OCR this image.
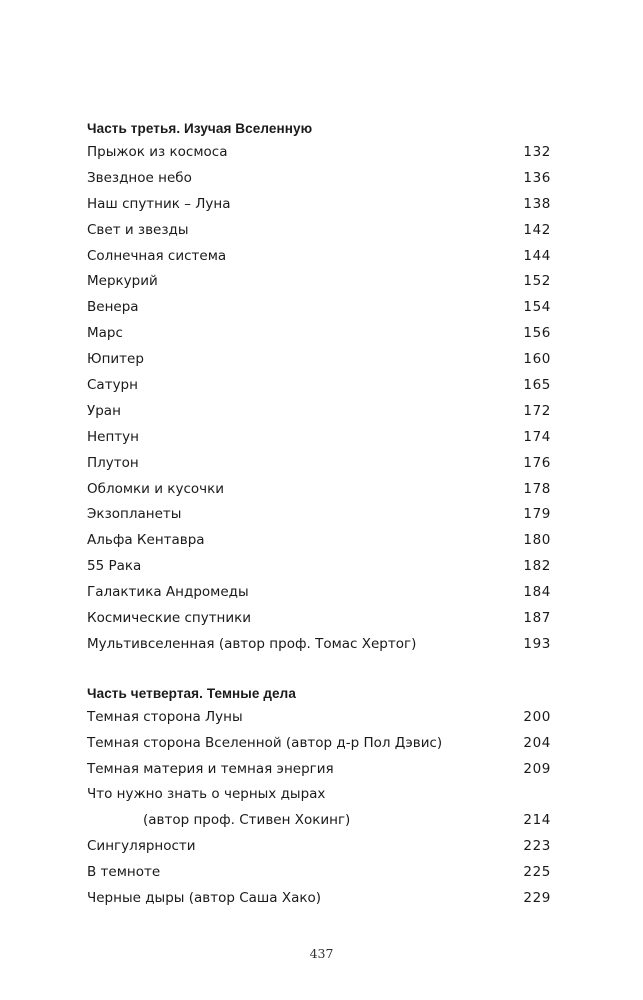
Часть третья. Изучая Вселенную
Прыжок из космоса	132
Звездное небо	136
Наш спутник – Луна	138
Свет и звезды	142
Солнечная система	144
Меркурий	152
Венера	154
Марс	156
Юпитер	160
Сатурн	165
Уран	172
Нептун	174
Плутон	176
Обломки и кусочки	178
Экзопланеты	179
Альфа Кентавра	180
55 Рака	182
Галактика Андромеды	184
Космические спутники	187
Мультивселенная (автор проф. Томас Хертог)	193
Часть четвертая. Темные дела
Темная сторона Луны	200
Темная сторона Вселенной (автор д-р Пол Дэвис)	204
Темная материя и темная энергия	209
Что нужно знать о черных дырах
(автор проф. Стивен Хокинг)	214
Сингулярности	223
В темноте	225
Черные дыры (автор Саша Хако)	229
437
